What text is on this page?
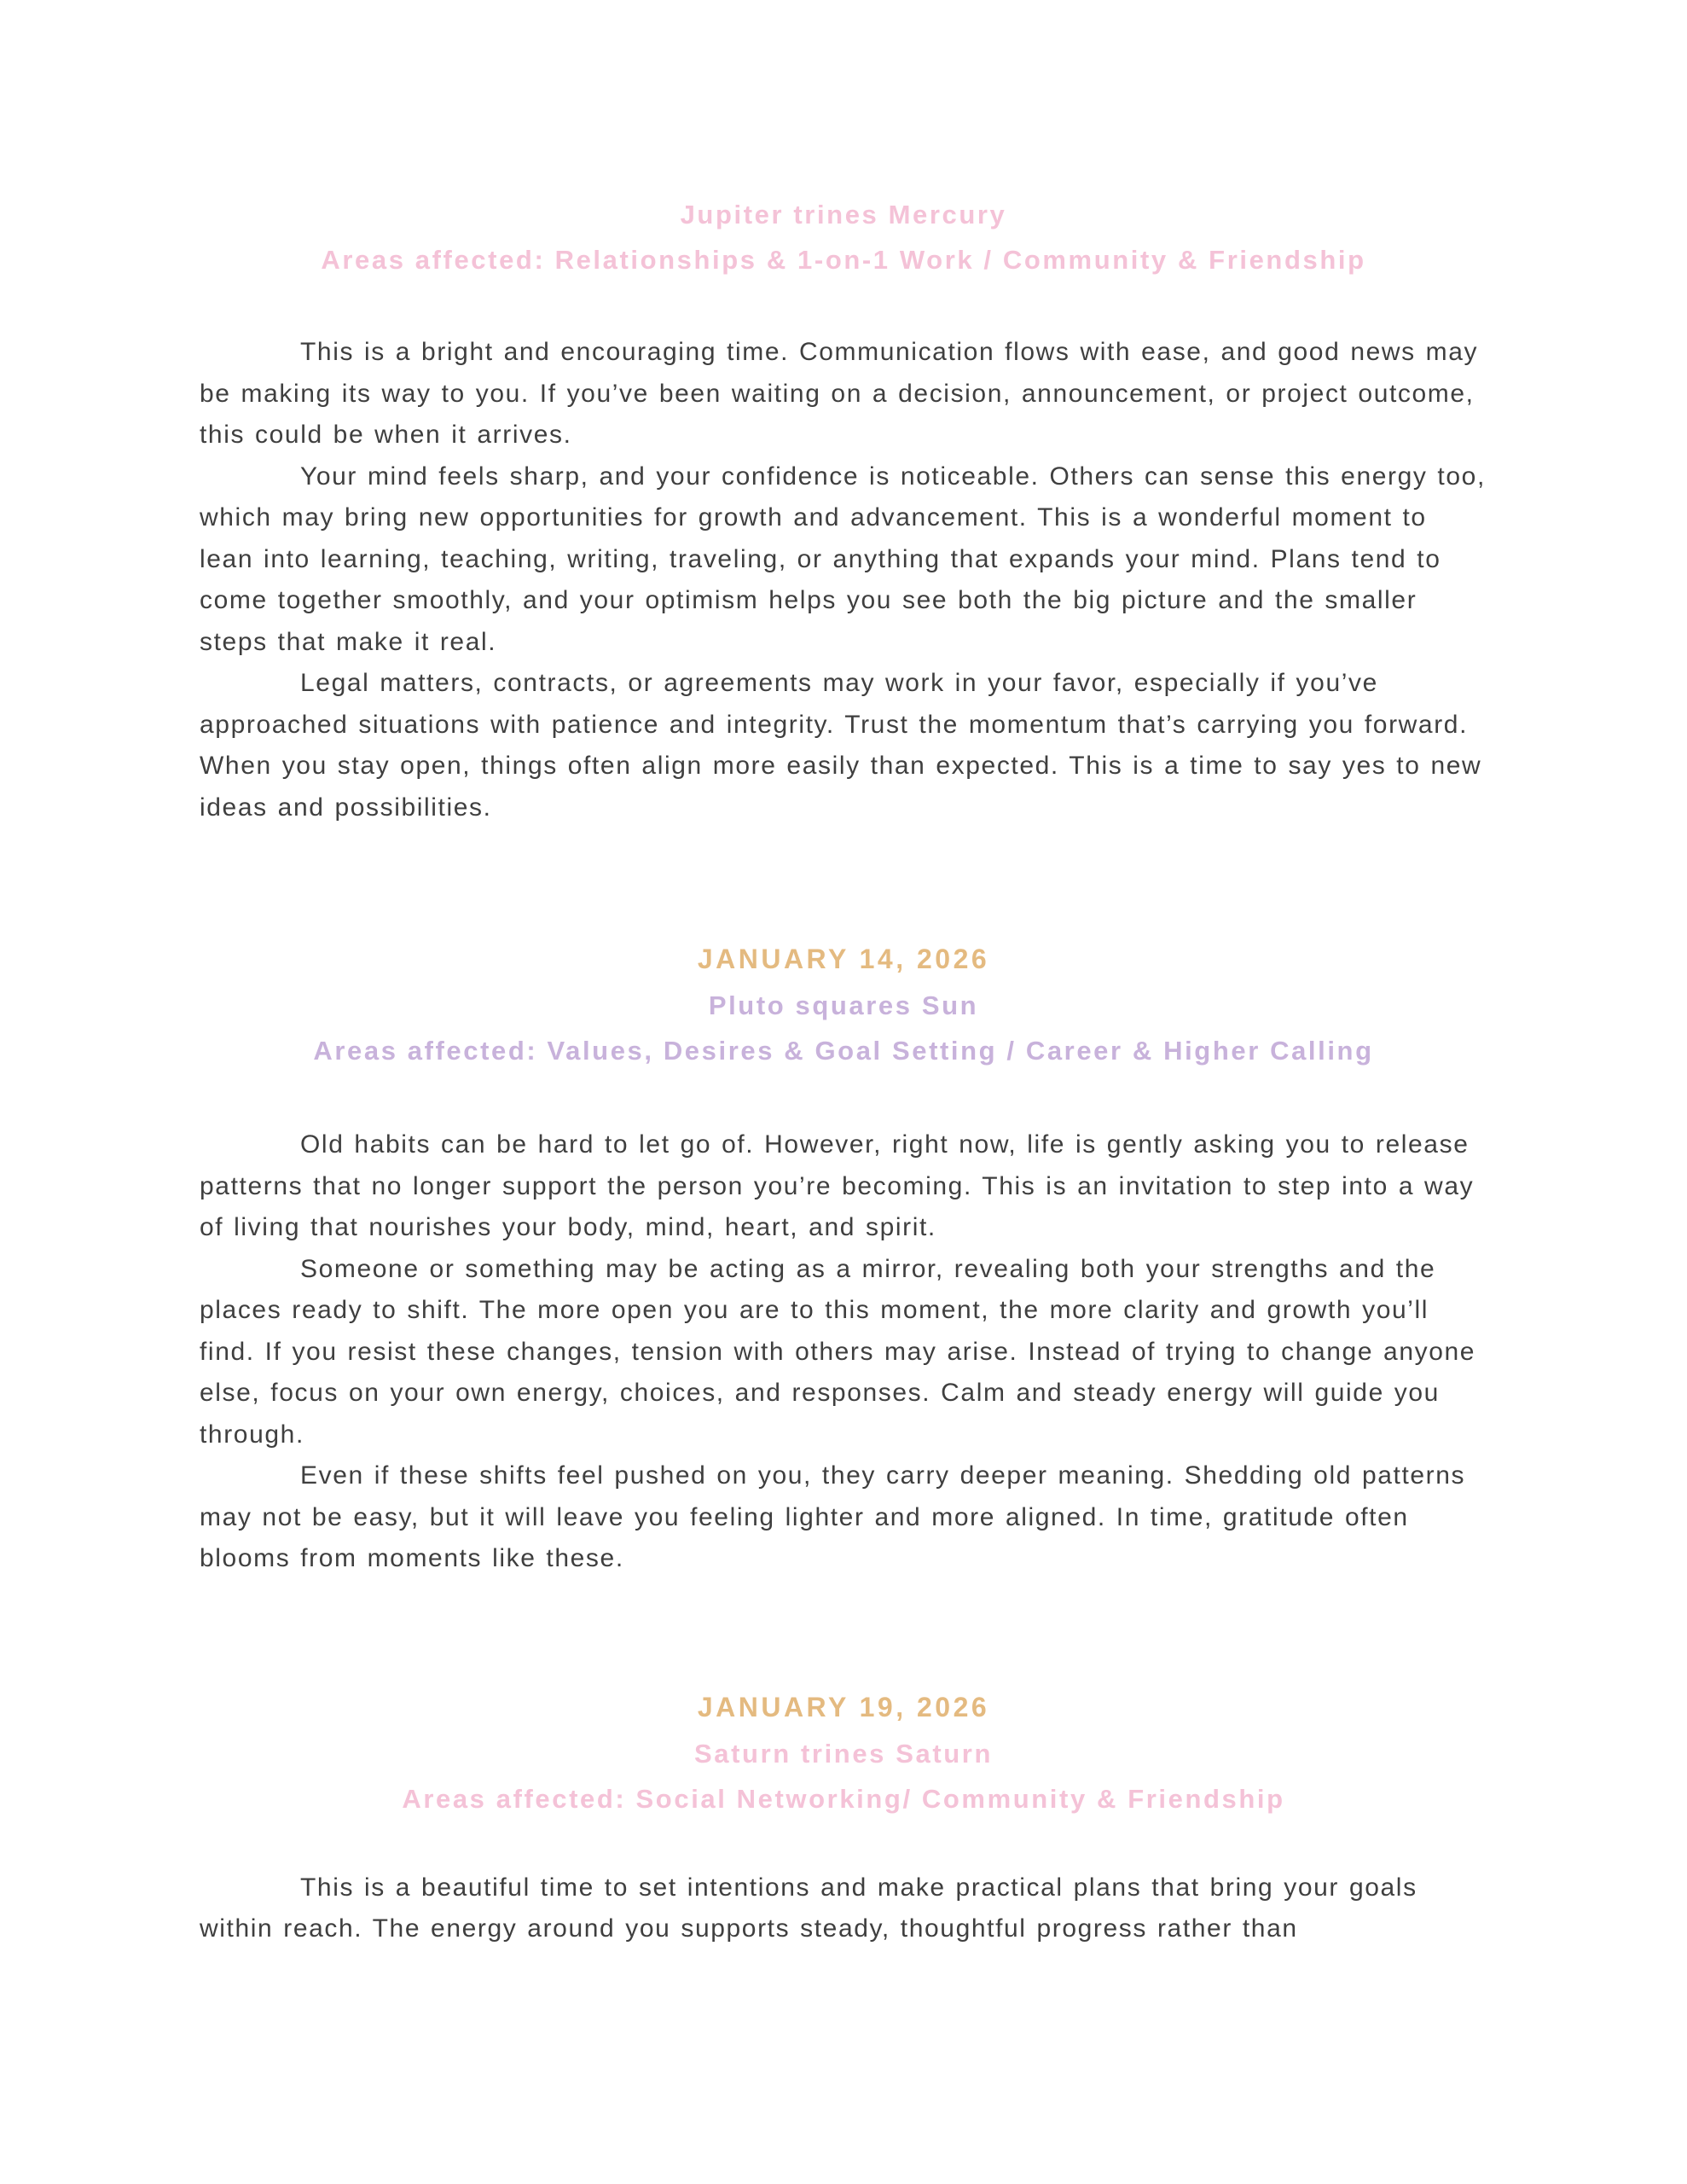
Jupiter trines Mercury
Areas affected: Relationships & 1-on-1 Work / Community & Friendship

This is a bright and encouraging time. Communication flows with ease, and good news may be making its way to you. If you’ve been waiting on a decision, announcement, or project outcome, this could be when it arrives.

Your mind feels sharp, and your confidence is noticeable. Others can sense this energy too, which may bring new opportunities for growth and advancement. This is a wonderful moment to lean into learning, teaching, writing, traveling, or anything that expands your mind. Plans tend to come together smoothly, and your optimism helps you see both the big picture and the smaller steps that make it real.

Legal matters, contracts, or agreements may work in your favor, especially if you’ve approached situations with patience and integrity. Trust the momentum that’s carrying you forward. When you stay open, things often align more easily than expected. This is a time to say yes to new ideas and possibilities.

JANUARY 14, 2026
Pluto squares Sun
Areas affected: Values, Desires & Goal Setting / Career & Higher Calling

Old habits can be hard to let go of. However, right now, life is gently asking you to release patterns that no longer support the person you’re becoming. This is an invitation to step into a way of living that nourishes your body, mind, heart, and spirit.

Someone or something may be acting as a mirror, revealing both your strengths and the places ready to shift. The more open you are to this moment, the more clarity and growth you’ll find. If you resist these changes, tension with others may arise. Instead of trying to change anyone else, focus on your own energy, choices, and responses. Calm and steady energy will guide you through.

Even if these shifts feel pushed on you, they carry deeper meaning. Shedding old patterns may not be easy, but it will leave you feeling lighter and more aligned. In time, gratitude often blooms from moments like these.

JANUARY 19, 2026
Saturn trines Saturn
Areas affected: Social Networking/ Community & Friendship

This is a beautiful time to set intentions and make practical plans that bring your goals within reach. The energy around you supports steady, thoughtful progress rather than
